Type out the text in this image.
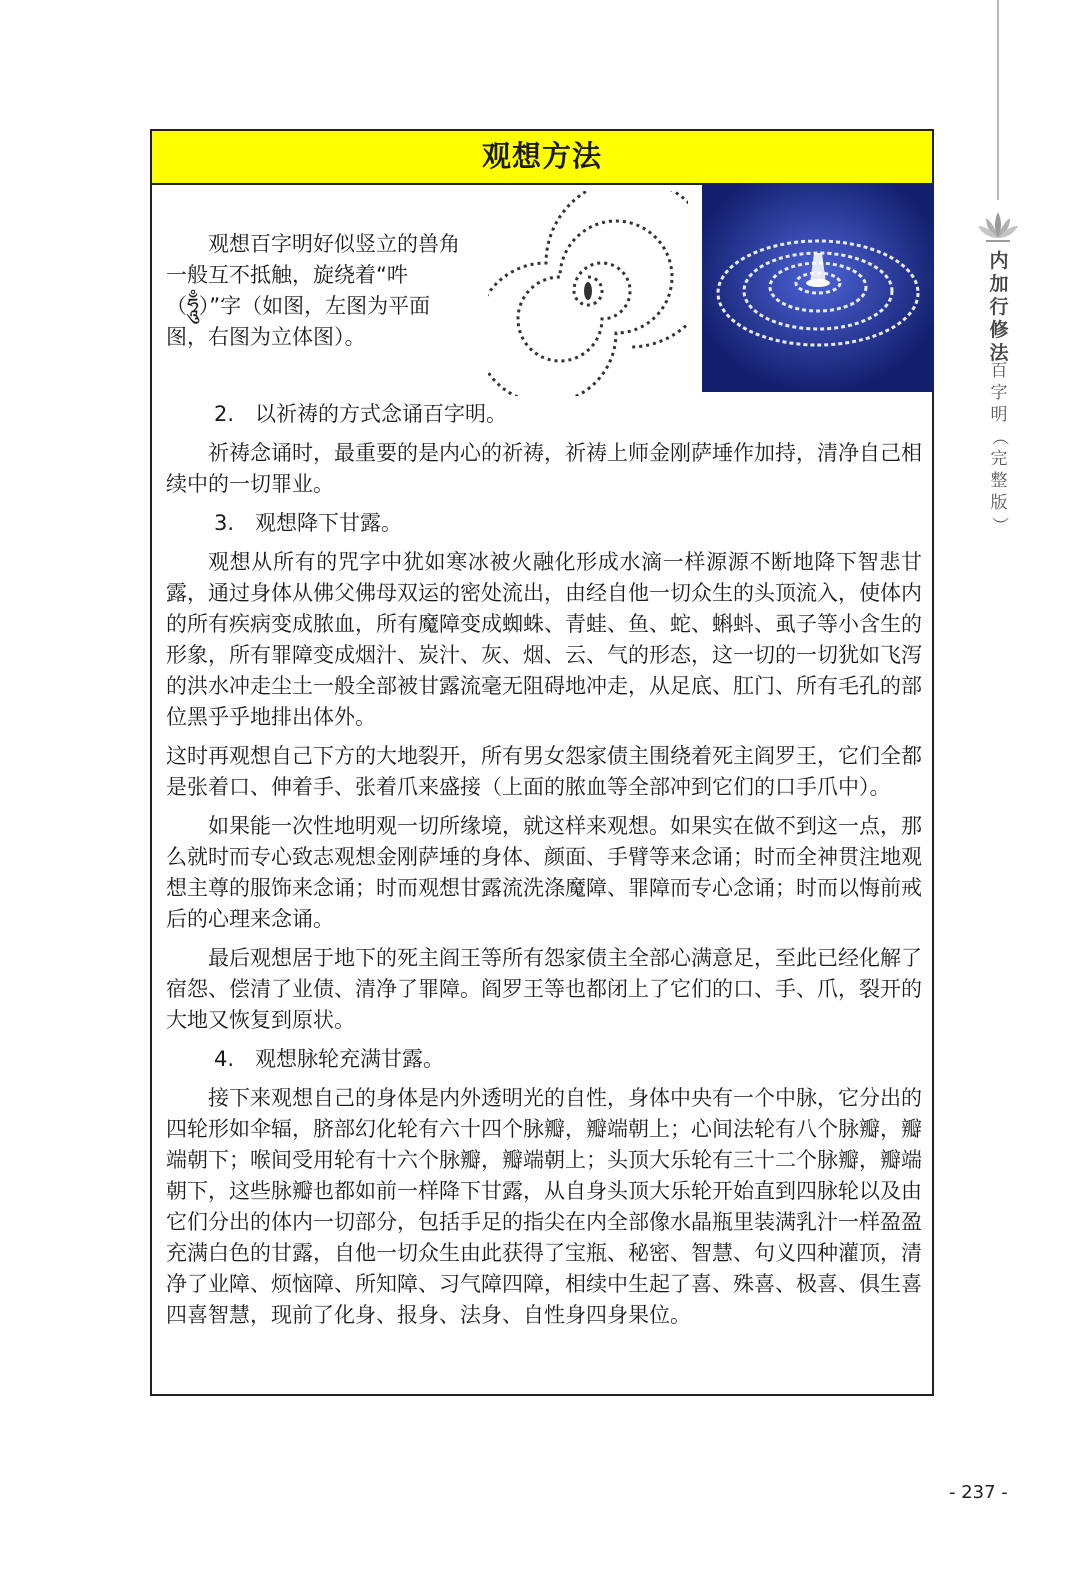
内加行修法
百字明
（
完整版
）
观想方法

观想百字明好似竖立的兽角一般互不抵触，旋绕着“吽（ཧཱུྃ）”字（如图，左图为平面图，右图为立体图）。

2.　以祈祷的方式念诵百字明。

祈祷念诵时，最重要的是内心的祈祷，祈祷上师金刚萨埵作加持，清净自己相续中的一切罪业。

3.　观想降下甘露。

观想从所有的咒字中犹如寒冰被火融化形成水滴一样源源不断地降下智悲甘露，通过身体从佛父佛母双运的密处流出，由经自他一切众生的头顶流入，使体内的所有疾病变成脓血，所有魔障变成蜘蛛、青蛙、鱼、蛇、蝌蚪、虱子等小含生的形象，所有罪障变成烟汁、炭汁、灰、烟、云、气的形态，这一切的一切犹如飞泻的洪水冲走尘土一般全部被甘露流毫无阻碍地冲走，从足底、肛门、所有毛孔的部位黑乎乎地排出体外。

这时再观想自己下方的大地裂开，所有男女怨家债主围绕着死主阎罗王，它们全都是张着口、伸着手、张着爪来盛接（上面的脓血等全部冲到它们的口手爪中）。

如果能一次性地明观一切所缘境，就这样来观想。如果实在做不到这一点，那么就时而专心致志观想金刚萨埵的身体、颜面、手臂等来念诵；时而全神贯注地观想主尊的服饰来念诵；时而观想甘露流洗涤魔障、罪障而专心念诵；时而以悔前戒后的心理来念诵。

最后观想居于地下的死主阎王等所有怨家债主全部心满意足，至此已经化解了宿怨、偿清了业债、清净了罪障。阎罗王等也都闭上了它们的口、手、爪，裂开的大地又恢复到原状。

4.　观想脉轮充满甘露。

接下来观想自己的身体是内外透明光的自性，身体中央有一个中脉，它分出的四轮形如伞辐，脐部幻化轮有六十四个脉瓣，瓣端朝上；心间法轮有八个脉瓣，瓣端朝下；喉间受用轮有十六个脉瓣，瓣端朝上；头顶大乐轮有三十二个脉瓣，瓣端朝下，这些脉瓣也都如前一样降下甘露，从自身头顶大乐轮开始直到四脉轮以及由它们分出的体内一切部分，包括手足的指尖在内全部像水晶瓶里装满乳汁一样盈盈充满白色的甘露，自他一切众生由此获得了宝瓶、秘密、智慧、句义四种灌顶，清净了业障、烦恼障、所知障、习气障四障，相续中生起了喜、殊喜、极喜、俱生喜四喜智慧，现前了化身、报身、法身、自性身四身果位。

- 237 -
